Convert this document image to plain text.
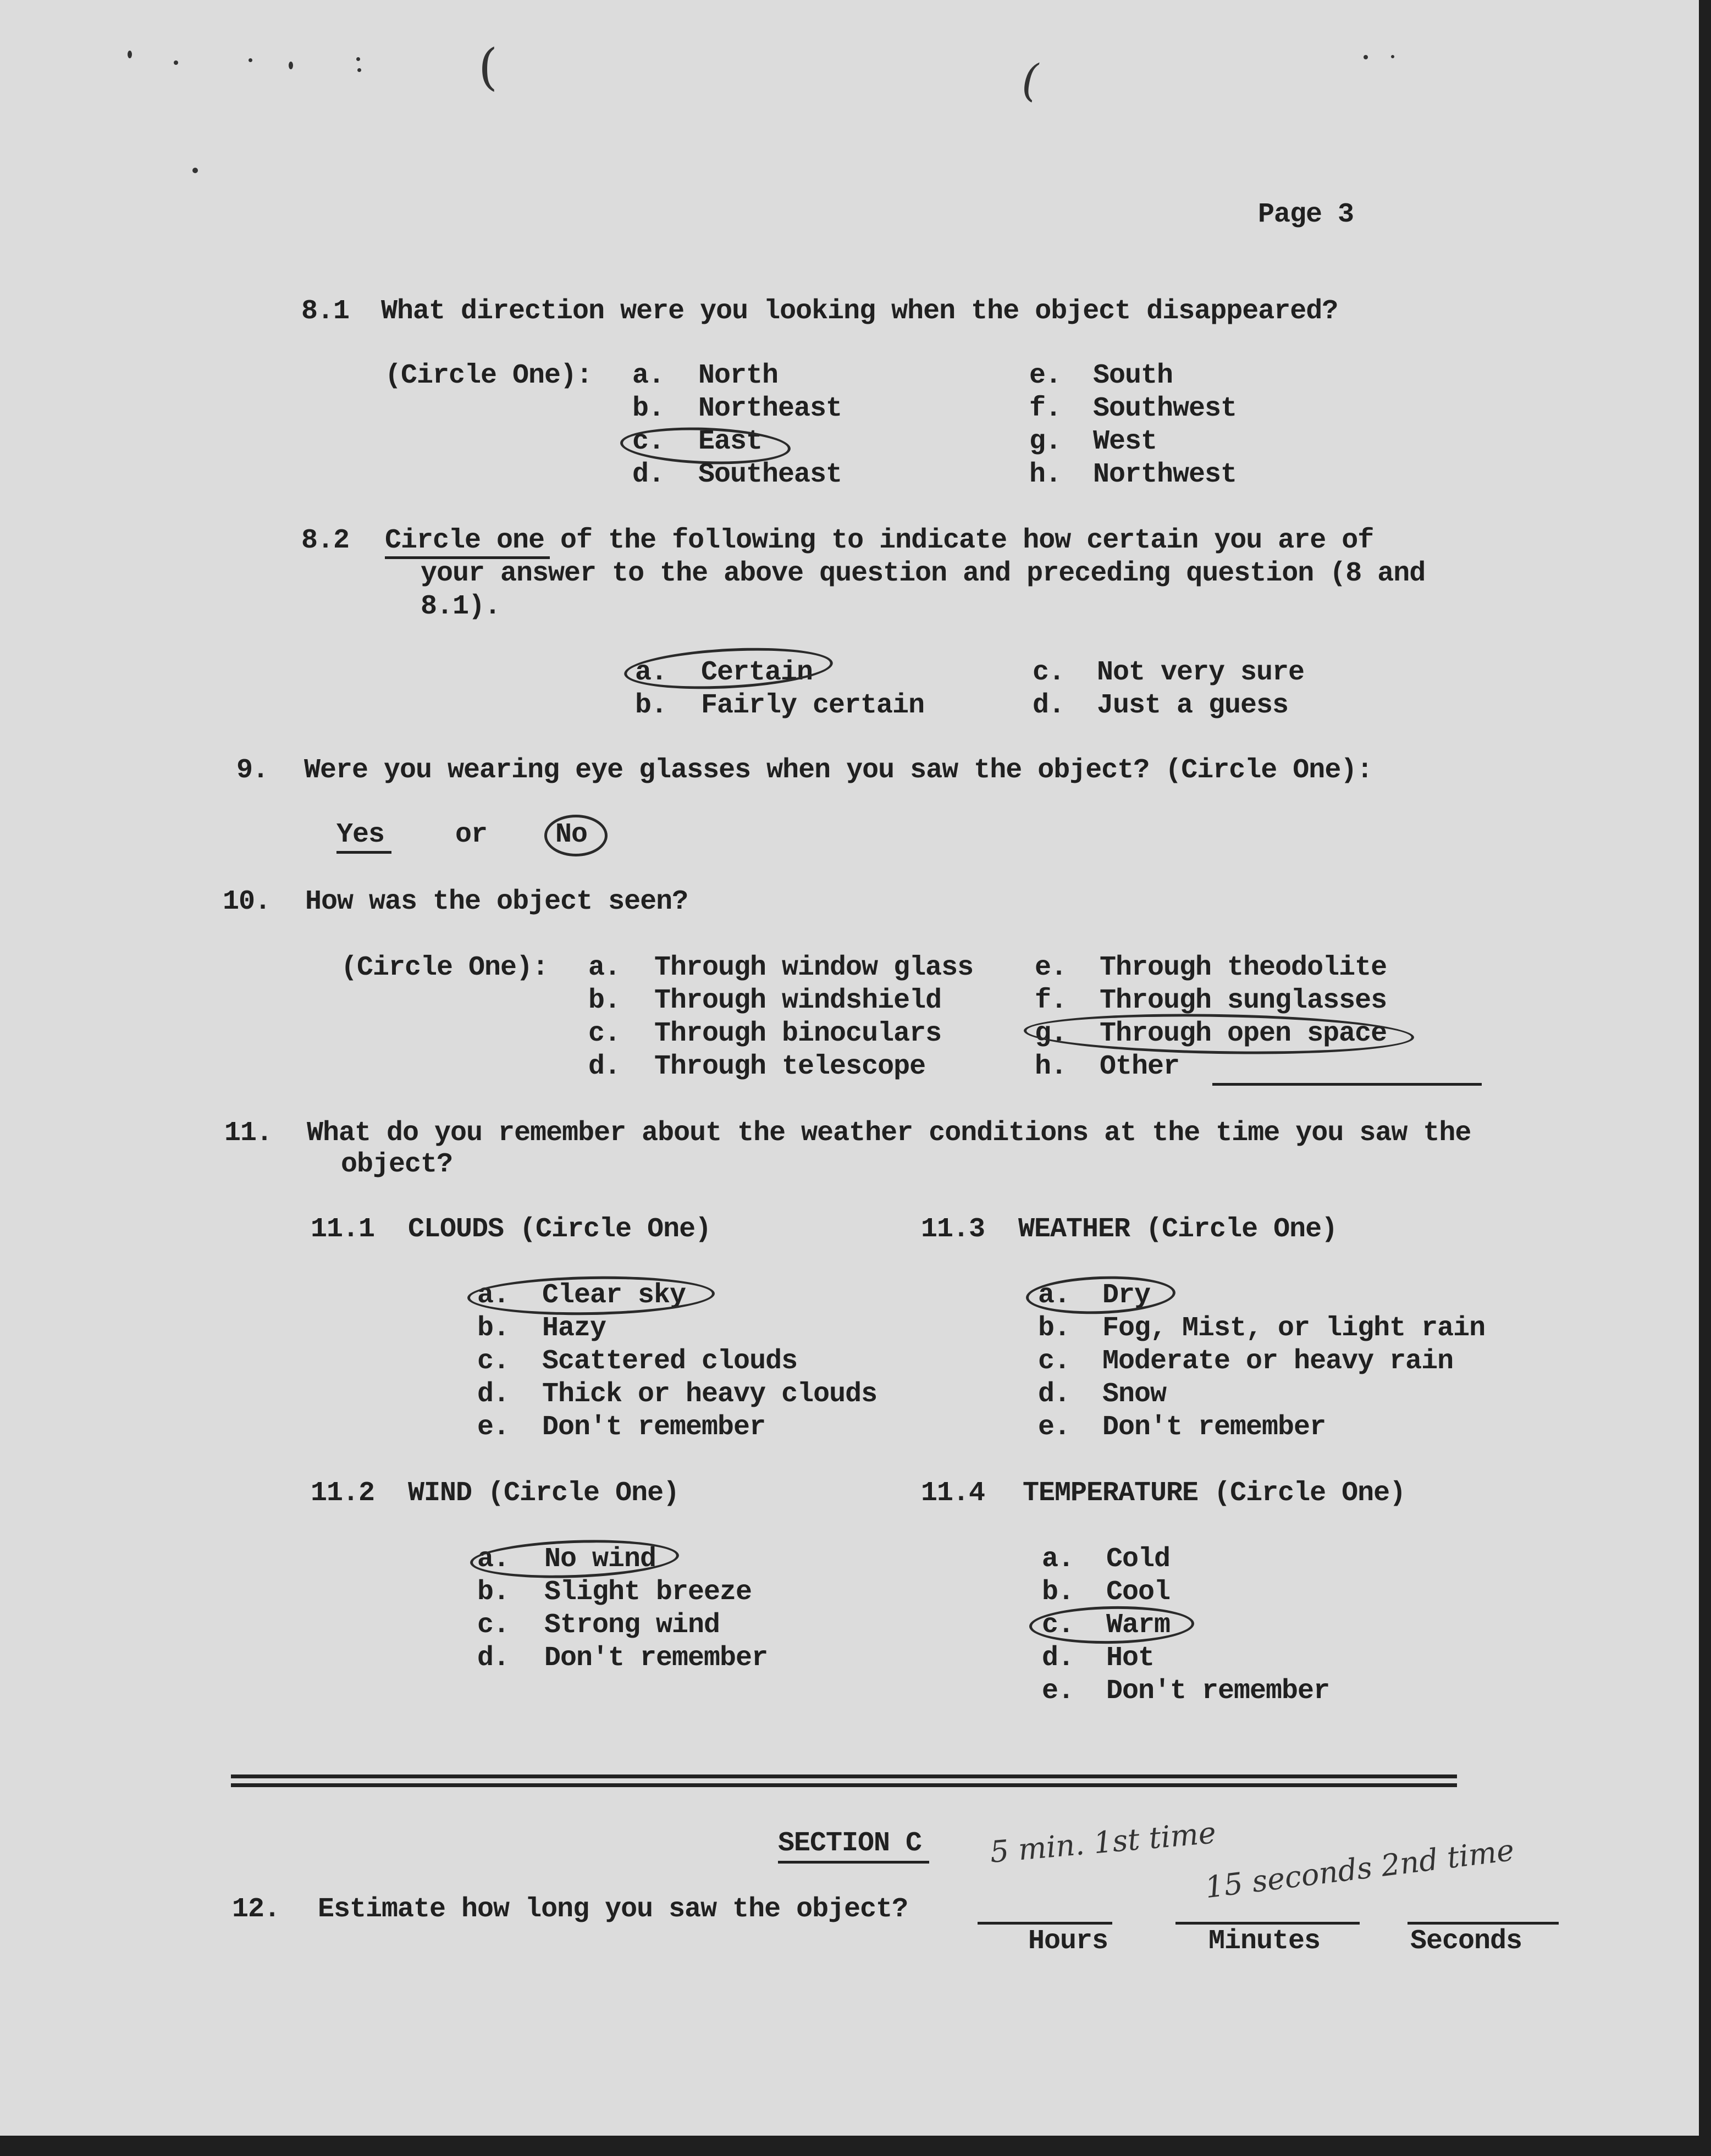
(	(
Page 3
8.1 What direction were you looking when the object disappeared?
(Circle One): a. North
b. Northeast
c. East
d. Southeast
e. South
f. Southwest
g. West
h. Northwest
8.2 Circle one of the following to indicate how certain you are of
your answer to the above question and preceding question (8 and
8.1).
a. Certain
b. Fairly certain
c. Not very sure
d. Just a guess
9. Were you wearing eye glasses when you saw the object? (Circle One):
Yes	or No
10. How was the object seen?
(Circle One): a. Through window glass
b. Through windshield
c. Through binoculars
d. Through telescope
e. Through theodolite
f. Through sunglasses
g. Through open space
h. Other
11. What do you remember about the weather conditions at the time you saw the
object?
11.1 CLOUDS (Circle One)
a. Clear sky
b. Hazy
c. Scattered clouds
d. Thick or heavy clouds
e. Don't remember
11.3 WEATHER (Circle One)
a. Dry
b. Fog, Mist, or light rain
c. Moderate or heavy rain
d. Snow
e. Don't remember
11.2 WIND (Circle One)
a. No wind
b. Slight breeze
c. Strong wind
d. Don't remember
11.4 TEMPERATURE (Circle One)
a. Cold
b. Cool
c. Warm
d. Hot
e. Don't remember
SECTION C 5 min. 1st time
15 seconds 2nd time
12. Estimate how long you saw the object?
Hours	Minutes	Seconds
